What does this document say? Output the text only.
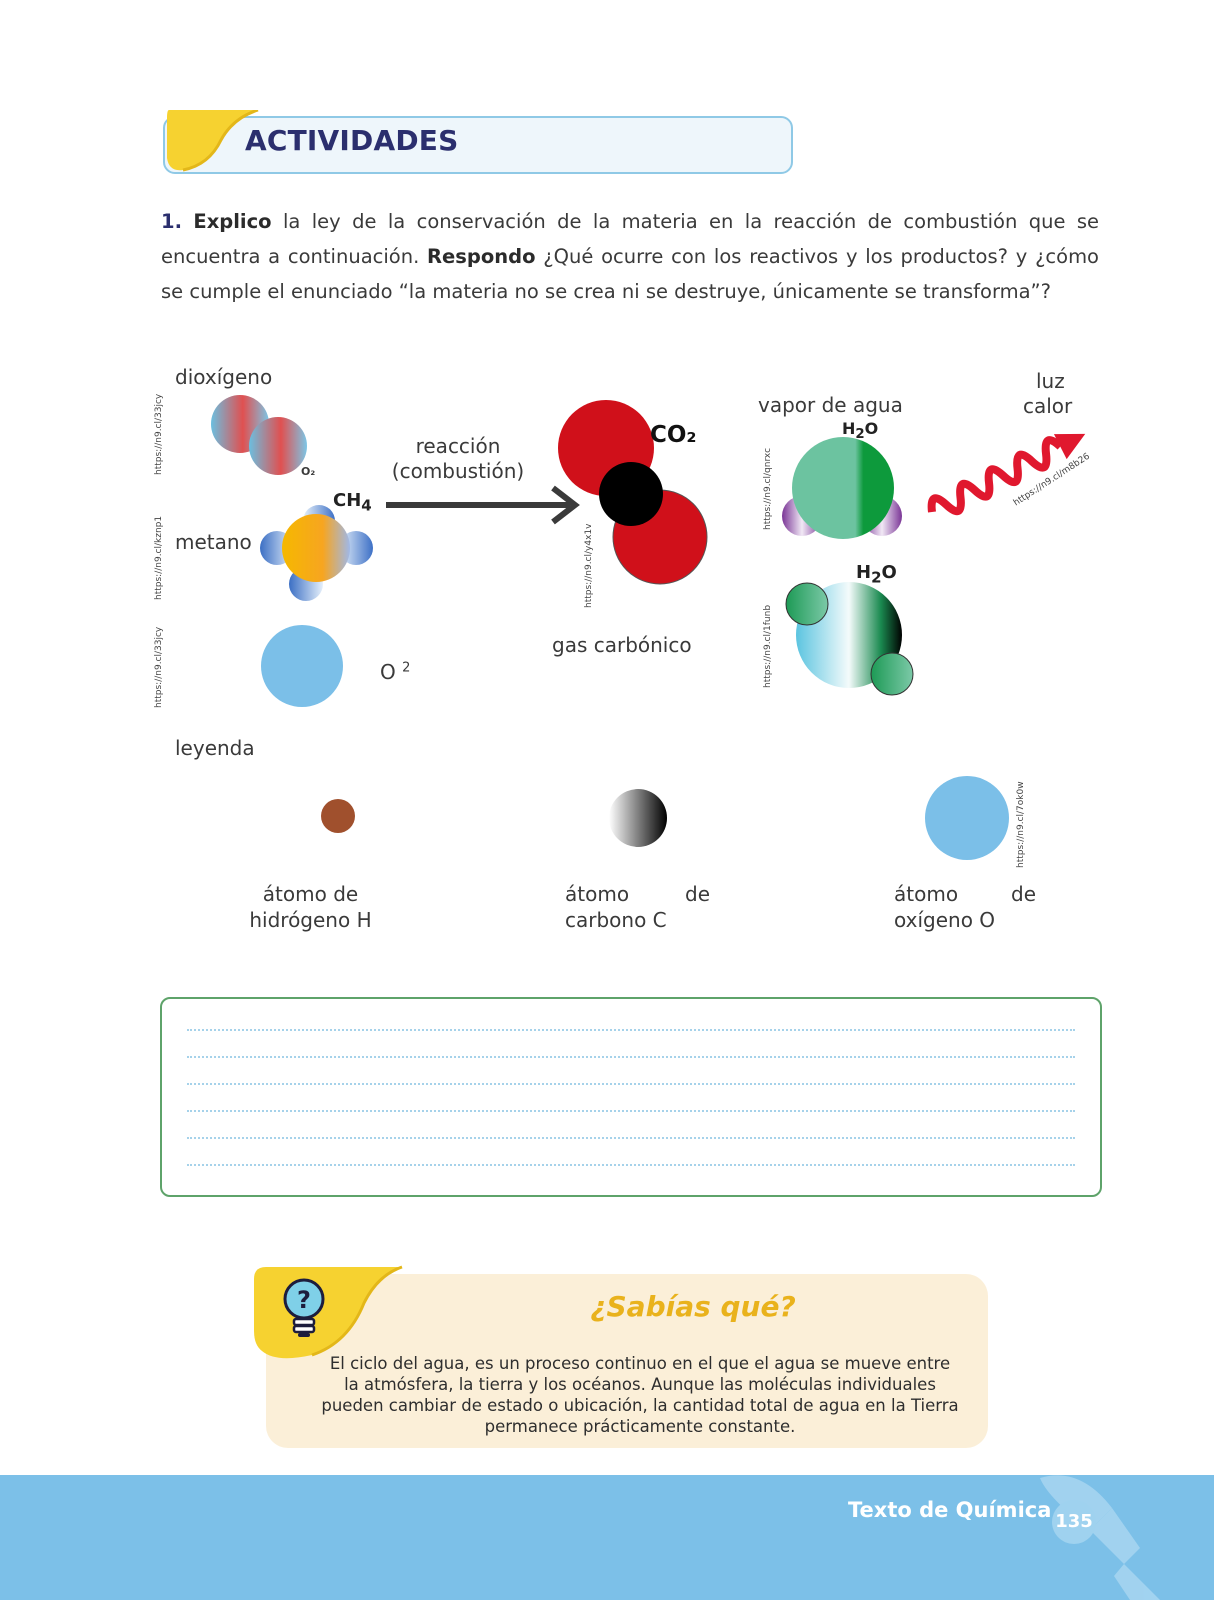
ACTIVIDADES
1. Explico la ley de la conservación de la materia en la reacción de combustión que se encuentra a continuación. Respondo ¿Qué ocurre con los reactivos y los productos? y ¿cómo se cumple el enunciado “la materia no se crea ni se destruye, únicamente se transforma”?
dioxígeno
O₂
$CH_4$
metano
O $^2$
reacción
(combustión)
CO₂
gas carbónico
vapor de agua
$H_2O$
$H_2O$
luz
calor
https://n9.cl/33jcy
https://n9.cl/kznp1
https://n9.cl/33jcy
https://n9.cl/y4x1v
https://n9.cl/qnrxc
https://n9.cl/1funb
https://n9.cl/m8b26
https://n9.cl/7ok0w
leyenda
átomo de
hidrógeno H
átomo	de

carbono C
átomo	de

oxígeno O
?	¿Sabías qué?
El ciclo del agua, es un proceso continuo en el que el agua se mueve entre
la atmósfera, la tierra y los océanos. Aunque las moléculas individuales
pueden cambiar de estado o ubicación, la cantidad total de agua en la Tierra
permanece prácticamente constante.
Texto de Química 135
